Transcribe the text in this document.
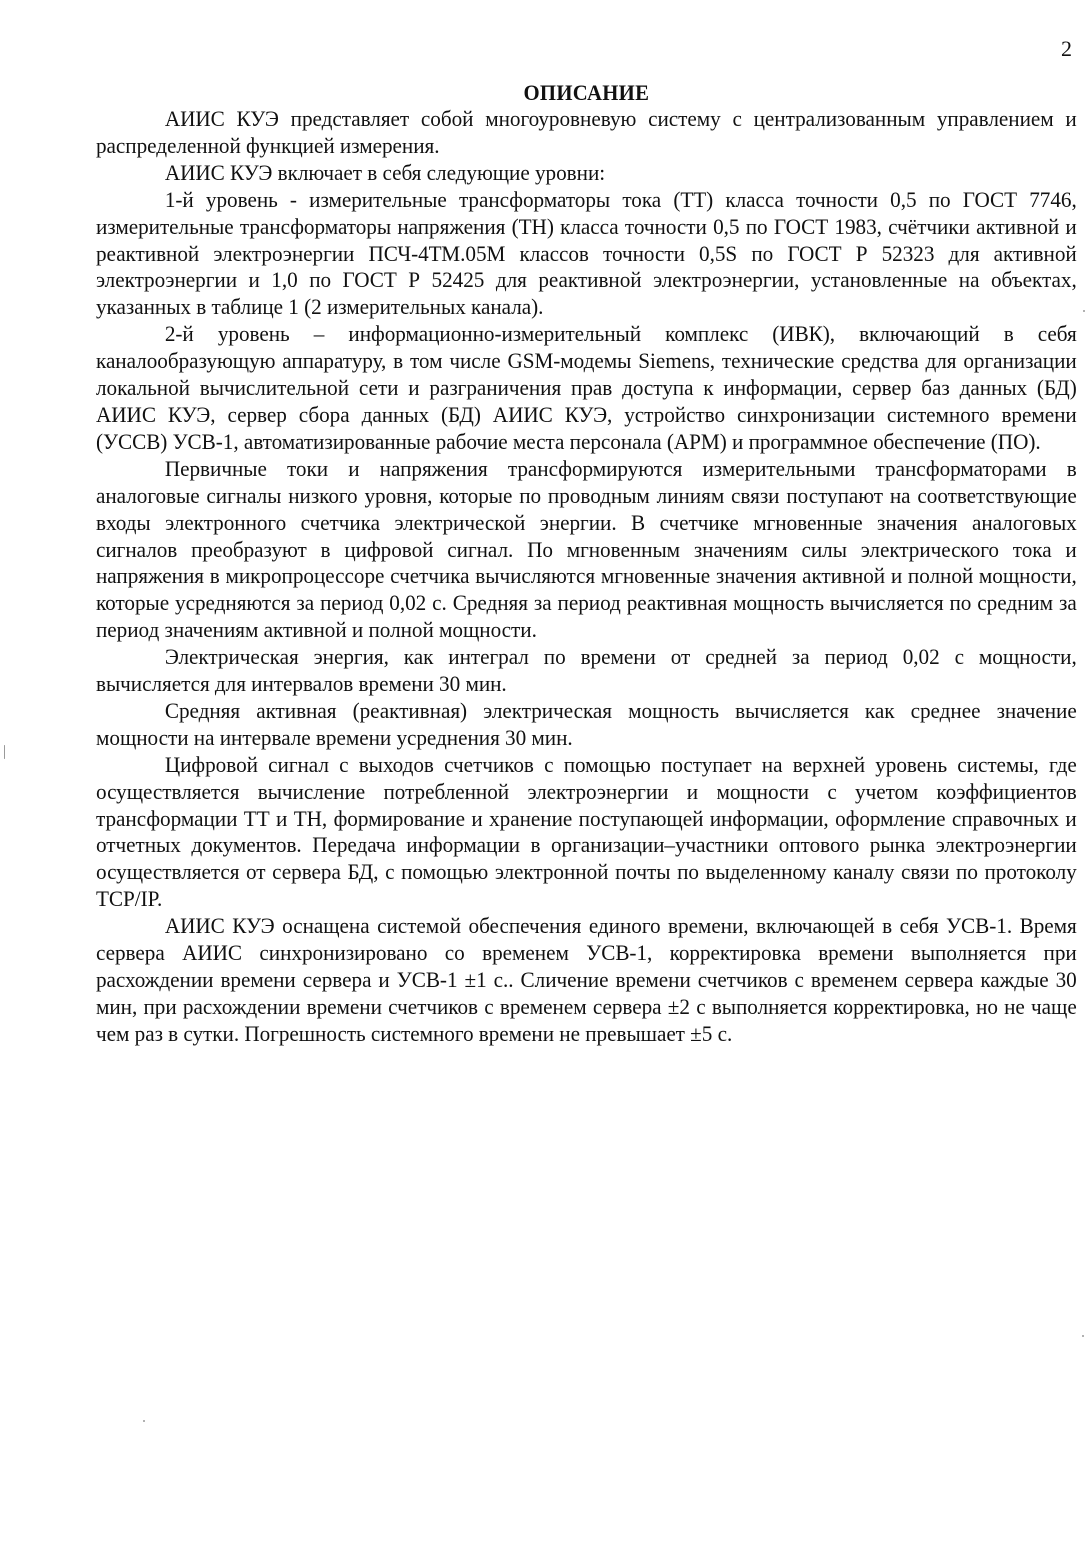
2
ОПИСАНИЕ

АИИС КУЭ представляет собой многоуровневую систему с централизованным управлением и распределенной функцией измерения.

АИИС КУЭ включает в себя следующие уровни:

1-й уровень - измерительные трансформаторы тока (ТТ) класса точности 0,5 по ГОСТ 7746, измерительные трансформаторы напряжения (ТН) класса точности 0,5 по ГОСТ 1983, счётчики активной и реактивной электроэнергии ПСЧ-4ТМ.05М классов точности 0,5S по ГОСТ Р 52323 для активной электроэнергии и 1,0 по ГОСТ Р 52425 для реактивной электроэнергии, установленные на объектах, указанных в таблице 1 (2 измерительных канала).

2-й уровень – информационно-измерительный комплекс (ИВК), включающий в себя каналообразующую аппаратуру, в том числе GSM-модемы Siemens, технические средства для организации локальной вычислительной сети и разграничения прав доступа к информации, сервер баз данных (БД) АИИС КУЭ, сервер сбора данных (БД) АИИС КУЭ, устройство синхронизации системного времени (УССВ) УСВ-1, автоматизированные рабочие места персонала (АРМ) и программное обеспечение (ПО).

Первичные токи и напряжения трансформируются измерительными трансформаторами в аналоговые сигналы низкого уровня, которые по проводным линиям связи поступают на соответствующие входы электронного счетчика электрической энергии. В счетчике мгновенные значения аналоговых сигналов преобразуют в цифровой сигнал. По мгновенным значениям силы электрического тока и напряжения в микропроцессоре счетчика вычисляются мгновенные значения активной и полной мощности, которые усредняются за период 0,02 с. Средняя за период реактивная мощность вычисляется по средним за период значениям активной и полной мощности.

Электрическая энергия, как интеграл по времени от средней за период 0,02 с мощности, вычисляется для интервалов времени 30 мин.

Средняя активная (реактивная) электрическая мощность вычисляется как среднее значение мощности на интервале времени усреднения 30 мин.

Цифровой сигнал с выходов счетчиков с помощью поступает на верхней уровень системы, где осуществляется вычисление потребленной электроэнергии и мощности с учетом коэффициентов трансформации ТТ и ТН, формирование и хранение поступающей информации, оформление справочных и отчетных документов. Передача информации в организации–участники оптового рынка электроэнергии осуществляется от сервера БД, с помощью электронной почты по выделенному каналу связи по протоколу TCP/IP.

АИИС КУЭ оснащена системой обеспечения единого времени, включающей в себя УСВ-1. Время сервера АИИС синхронизировано со временем УСВ-1, корректировка времени выполняется при расхождении времени сервера и УСВ-1 ±1 с.. Сличение времени счетчиков с временем сервера каждые 30 мин, при расхождении времени счетчиков с временем сервера ±2 с выполняется корректировка, но не чаще чем раз в сутки. Погрешность системного времени не превышает ±5 с.
